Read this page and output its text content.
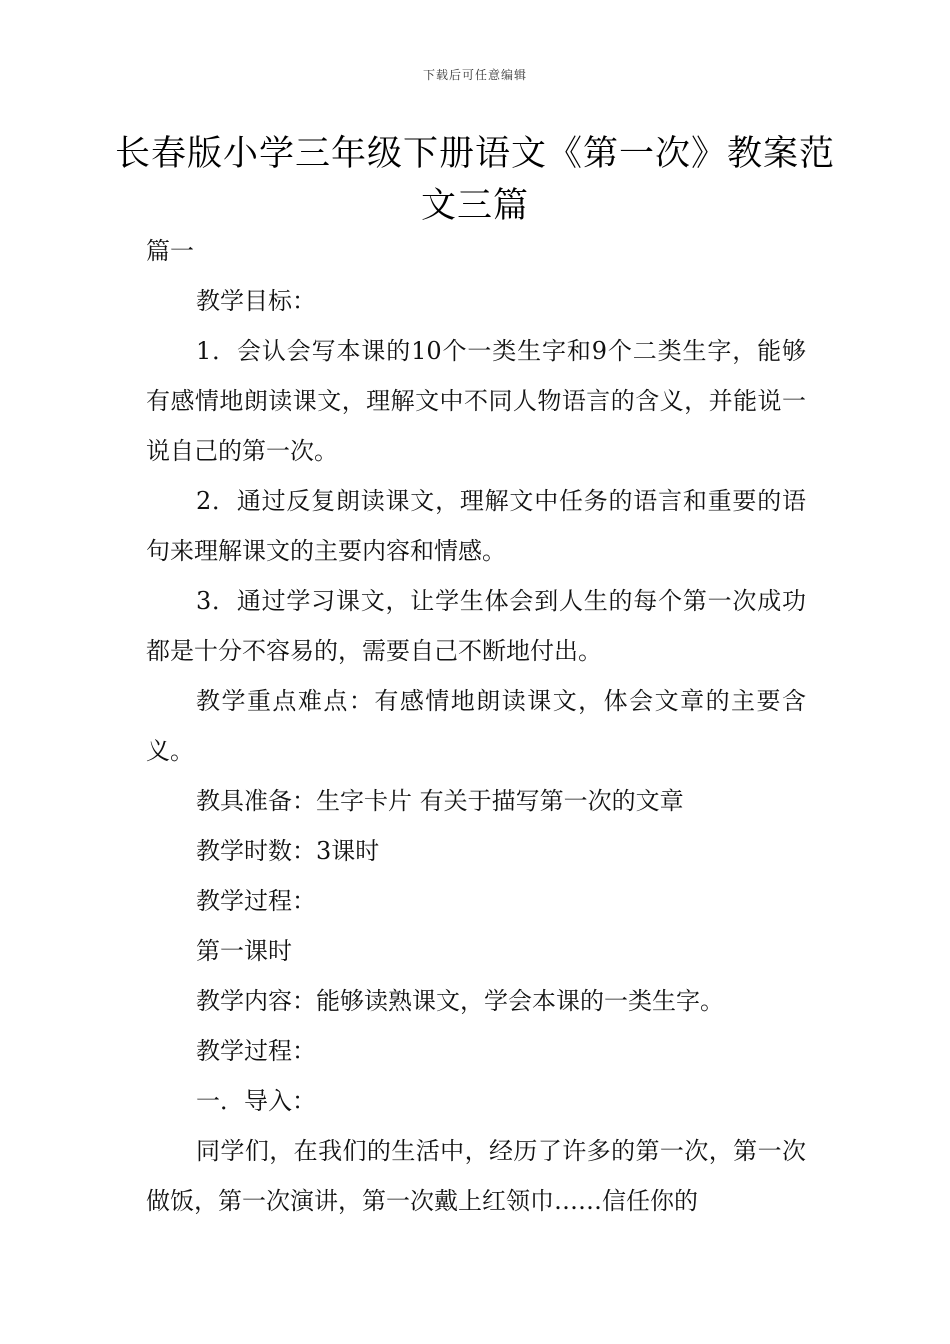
下载后可任意编辑
长春版小学三年级下册语文《第一次》教案范文三篇

篇一

教学目标：

1．会认会写本课的10个一类生字和9个二类生字，能够有感情地朗读课文，理解文中不同人物语言的含义，并能说一说自己的第一次。

2．通过反复朗读课文，理解文中任务的语言和重要的语句来理解课文的主要内容和情感。

3．通过学习课文，让学生体会到人生的每个第一次成功都是十分不容易的，需要自己不断地付出。

教学重点难点：有感情地朗读课文，体会文章的主要含义。

教具准备：生字卡片 有关于描写第一次的文章

教学时数：3课时

教学过程：

第一课时

教学内容：能够读熟课文，学会本课的一类生字。

教学过程：

一．导入：

同学们，在我们的生活中，经历了许多的第一次，第一次做饭，第一次演讲，第一次戴上红领巾……信任你的
